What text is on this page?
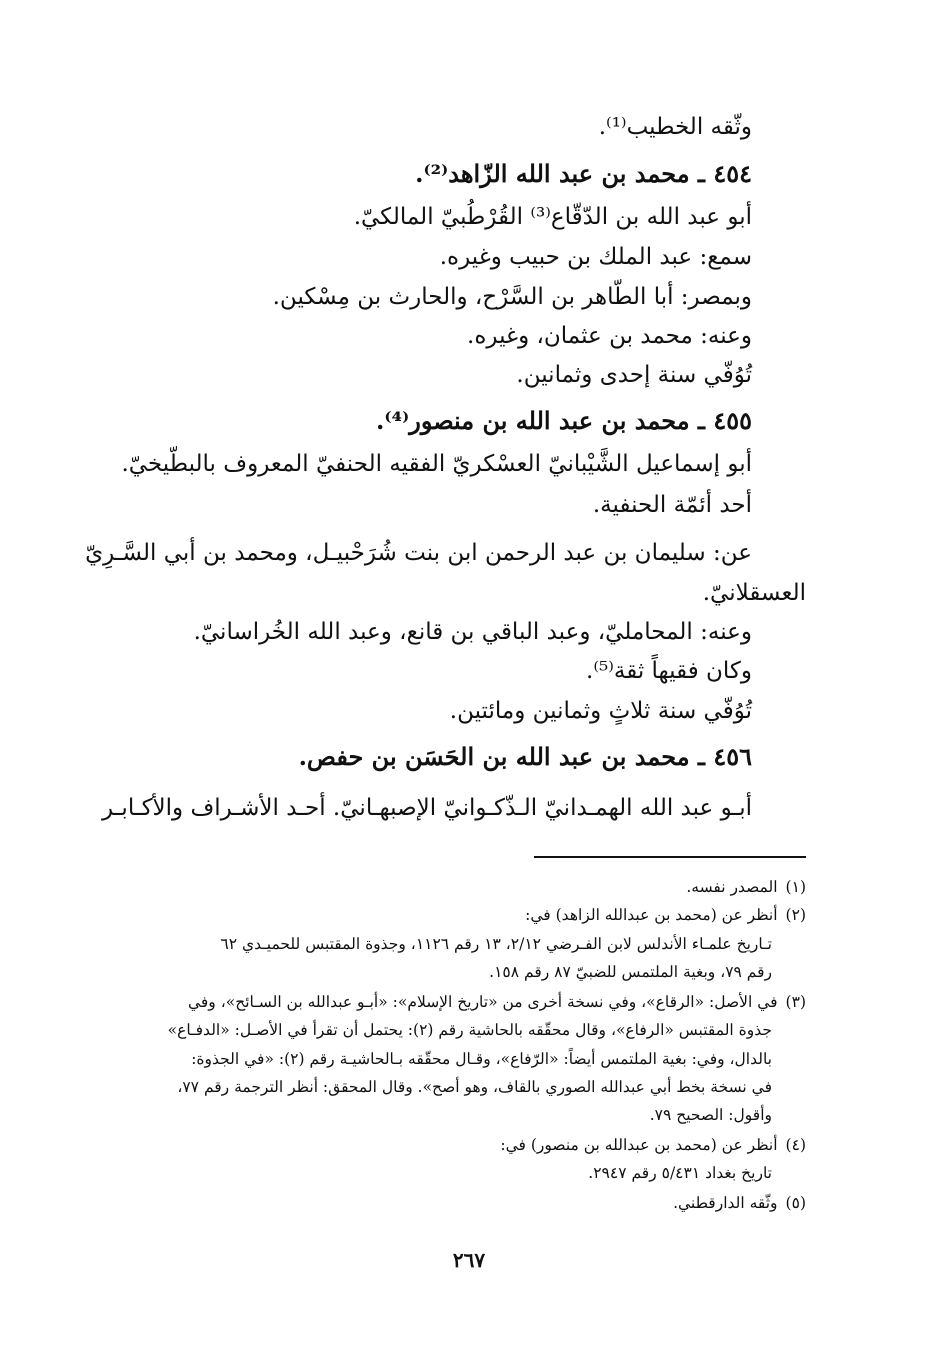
وثّقه الخطيب⁽¹⁾.
٤٥٤ ـ محمد بن عبد الله الزّاهد⁽²⁾.
أبو عبد الله بن الدّقّاع⁽³⁾ القُرْطُبيّ المالكيّ.
سمع: عبد الملك بن حبيب وغيره.
وبمصر: أبا الطّاهر بن السَّرْح، والحارث بن مِسْكين.
وعنه: محمد بن عثمان، وغيره.
تُوُفّي سنة إحدى وثمانين.
٤٥٥ ـ محمد بن عبد الله بن منصور⁽⁴⁾.
أبو إسماعيل الشَّيْبانيّ العسْكريّ الفقيه الحنفيّ المعروف بالبطّيخيّ.
أحد أئمّة الحنفية.
عن: سليمان بن عبد الرحمن ابن بنت شُرَحْبيـل، ومحمد بن أبي السَّـرِيّ
العسقلانيّ.
وعنه: المحامليّ، وعبد الباقي بن قانع، وعبد الله الخُراسانيّ.
وكان فقيهاً ثقة⁽⁵⁾.
تُوُفّي سنة ثلاثٍ وثمانين ومائتين.
٤٥٦ ـ محمد بن عبد الله بن الحَسَن بن حفص.
أبـو عبد الله الهمـدانيّ الـذّكـوانيّ الإصبهـانيّ. أحـد الأشـراف والأكـابـر
(١)المصدر نفسه.
(٢)أنظر عن (محمد بن عبدالله الزاهد) في:
تـاريخ علمـاء الأندلس لابن الفـرضي ٢/١٢، ١٣ رقم ١١٢٦، وجذوة المقتبس للحميـدي ٦٢
رقم ٧٩، وبغية الملتمس للضبيّ ٨٧ رقم ١٥٨.
(٣)في الأصل: «الرقاع»، وفي نسخة أخرى من «تاريخ الإسلام»: «أبـو عبدالله بن السـائح»، وفي
جذوة المقتبس «الرفاع»، وقال محقّقه بالحاشية رقم (٢): يحتمل أن تقرأ في الأصـل: «الدفـاع»
بالدال، وفي: بغية الملتمس أيضاً: «الرّفاع»، وقـال محقّقه بـالحاشيـة رقم (٢): «في الجذوة:
في نسخة بخط أبي عبدالله الصوري بالقاف، وهو أصح». وقال المحقق: أنظر الترجمة رقم ٧٧،
وأقول: الصحيح ٧٩.
(٤)أنظر عن (محمد بن عبدالله بن منصور) في:
تاريخ بغداد ٥/٤٣١ رقم ٢٩٤٧.
(٥)وثّقه الدارقطني.
٢٦٧
